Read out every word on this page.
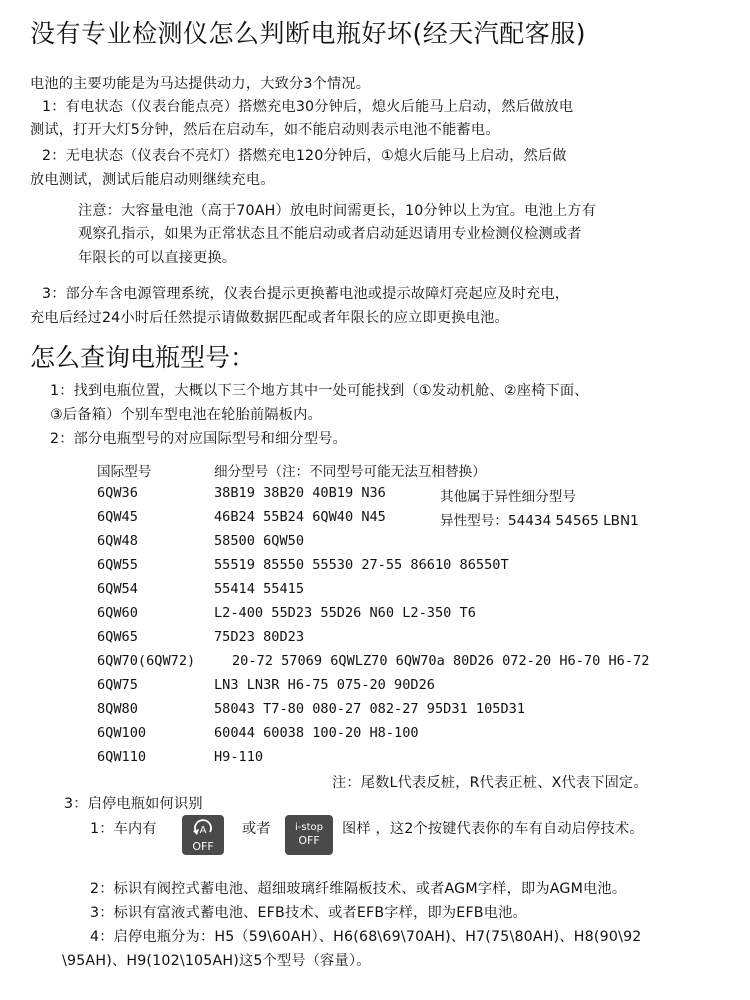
没有专业检测仪怎么判断电瓶好坏(经天汽配客服)
电池的主要功能是为马达提供动力，大致分3个情况。
1：有电状态（仪表台能点亮）搭燃充电30分钟后，熄火后能马上启动，然后做放电
测试，打开大灯5分钟，然后在启动车，如不能启动则表示电池不能蓄电。
2：无电状态（仪表台不亮灯）搭燃充电120分钟后，①熄火后能马上启动，然后做
放电测试，测试后能启动则继续充电。
注意：大容量电池（高于70AH）放电时间需更长，10分钟以上为宜。电池上方有
观察孔指示，如果为正常状态且不能启动或者启动延迟请用专业检测仪检测或者
年限长的可以直接更换。
3：部分车含电源管理系统，仪表台提示更换蓄电池或提示故障灯亮起应及时充电，
充电后经过24小时后任然提示请做数据匹配或者年限长的应立即更换电池。
怎么查询电瓶型号：
1：找到电瓶位置，大概以下三个地方其中一处可能找到（①发动机舱、②座椅下面、
③后备箱）个别车型电池在轮胎前隔板内。
2：部分电瓶型号的对应国际型号和细分型号。
国际型号	细分型号（注：不同型号可能无法互相替换）
6QW36	38B19 38B20 40B19 N36	其他属于异性细分型号
6QW45	46B24 55B24 6QW40 N45	异性型号：54434 54565 LBN1
6QW48	58500 6QW50
6QW55	55519 85550 55530 27-55 86610 86550T
6QW54	55414 55415
6QW60	L2-400 55D23 55D26 N60 L2-350 T6
6QW65	75D23 80D23
6QW70(6QW72)	20-72 57069 6QWLZ70 6QW70a 80D26 072-20 H6-70 H6-72
6QW75	LN3 LN3R H6-75 075-20 90D26
8QW80	58043 T7-80 080-27 082-27 95D31 105D31
6QW100	60044 60038 100-20 H8-100
6QW110	H9-110
注：尾数L代表反桩，R代表正桩、X代表下固定。
3：启停电瓶如何识别
1：车内有	A
OFF
或者	i-stop
OFF
图样 ，这2个按键代表你的车有自动启停技术。
2：标识有阀控式蓄电池、超细玻璃纤维隔板技术、或者AGM字样，即为AGM电池。
3：标识有富液式蓄电池、EFB技术、或者EFB字样，即为EFB电池。
4：启停电瓶分为：H5（59\60AH）、H6(68\69\70AH)、H7(75\80AH)、H8(90\92
\95AH)、H9(102\105AH)这5个型号（容量）。
